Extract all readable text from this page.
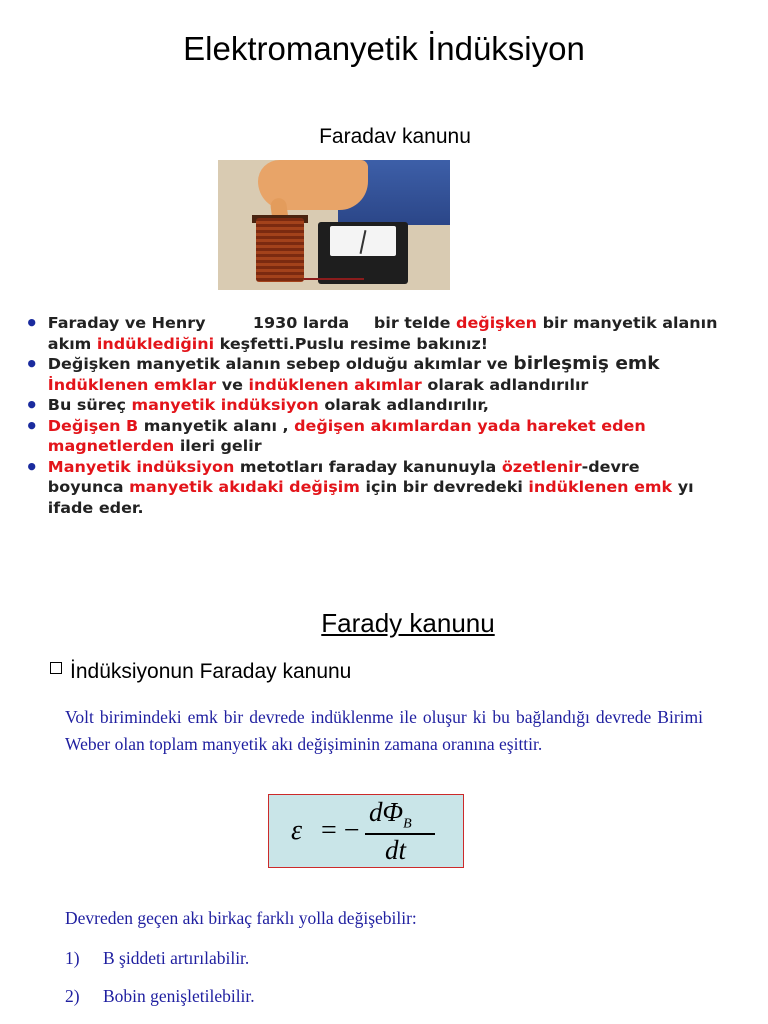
Elektromanyetik İndüksiyon
Faradav kanunu
• Faraday ve Henry	1930 larda bir telde değişken bir manyetik alanın akım indüklediğini keşfetti.Puslu resime bakınız!
• Değişken manyetik alanın sebep olduğu akımlar ve birleşmiş emkİndüklenen emklar ve indüklenen akımlar olarak adlandırılır
• Bu süreç manyetik indüksiyon olarak adlandırılır,
• Değişen B manyetik alanı , değişen akımlardan yada hareket eden magnetlerden ileri gelir
• Manyetik indüksiyon metotları faraday kanunuyla özetlenir-devre boyunca manyetik akıdaki değişim için bir devredeki indüklenen emk yı ifade eder.
Farady kanunu
İndüksiyonun Faraday kanunu
Volt birimindeki emk bir devrede indüklenme ile oluşur ki bu bağlandığı devrede Birimi Weber olan toplam manyetik akı değişiminin zamana oranına eşittir.
ε = −
$d\Phi_B$
dt
Devreden geçen akı birkaç farklı yolla değişebilir:
1) B şiddeti artırılabilir.
2) Bobin genişletilebilir.
